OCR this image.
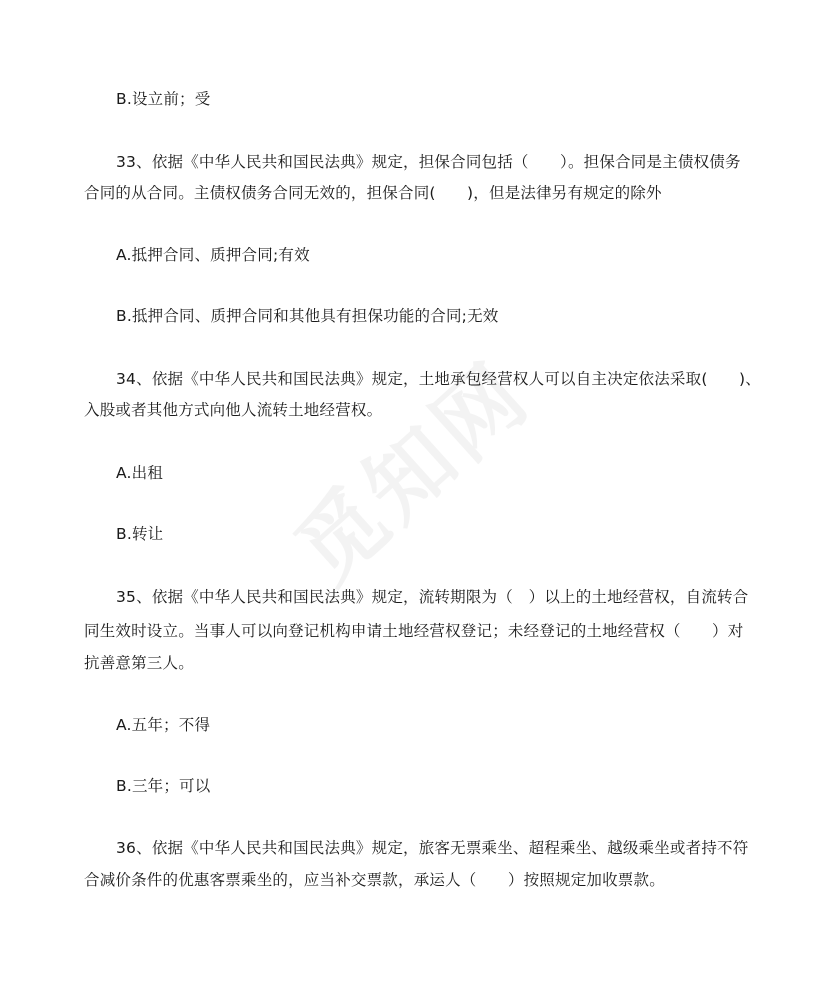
B.设立前；受
33、依据《中华人民共和国民法典》规定，担保合同包括（　　）。担保合同是主债权债务
合同的从合同。主债权债务合同无效的，担保合同(　　)，但是法律另有规定的除外
A.抵押合同、质押合同;有效
B.抵押合同、质押合同和其他具有担保功能的合同;无效
34、依据《中华人民共和国民法典》规定，土地承包经营权人可以自主决定依法采取(　　)、
入股或者其他方式向他人流转土地经营权。
A.出租
B.转让
35、依据《中华人民共和国民法典》规定，流转期限为（　）以上的土地经营权，自流转合
同生效时设立。当事人可以向登记机构申请土地经营权登记；未经登记的土地经营权（　　）对
抗善意第三人。
A.五年；不得
B.三年；可以
36、依据《中华人民共和国民法典》规定，旅客无票乘坐、超程乘坐、越级乘坐或者持不符
合减价条件的优惠客票乘坐的，应当补交票款，承运人（　　）按照规定加收票款。
